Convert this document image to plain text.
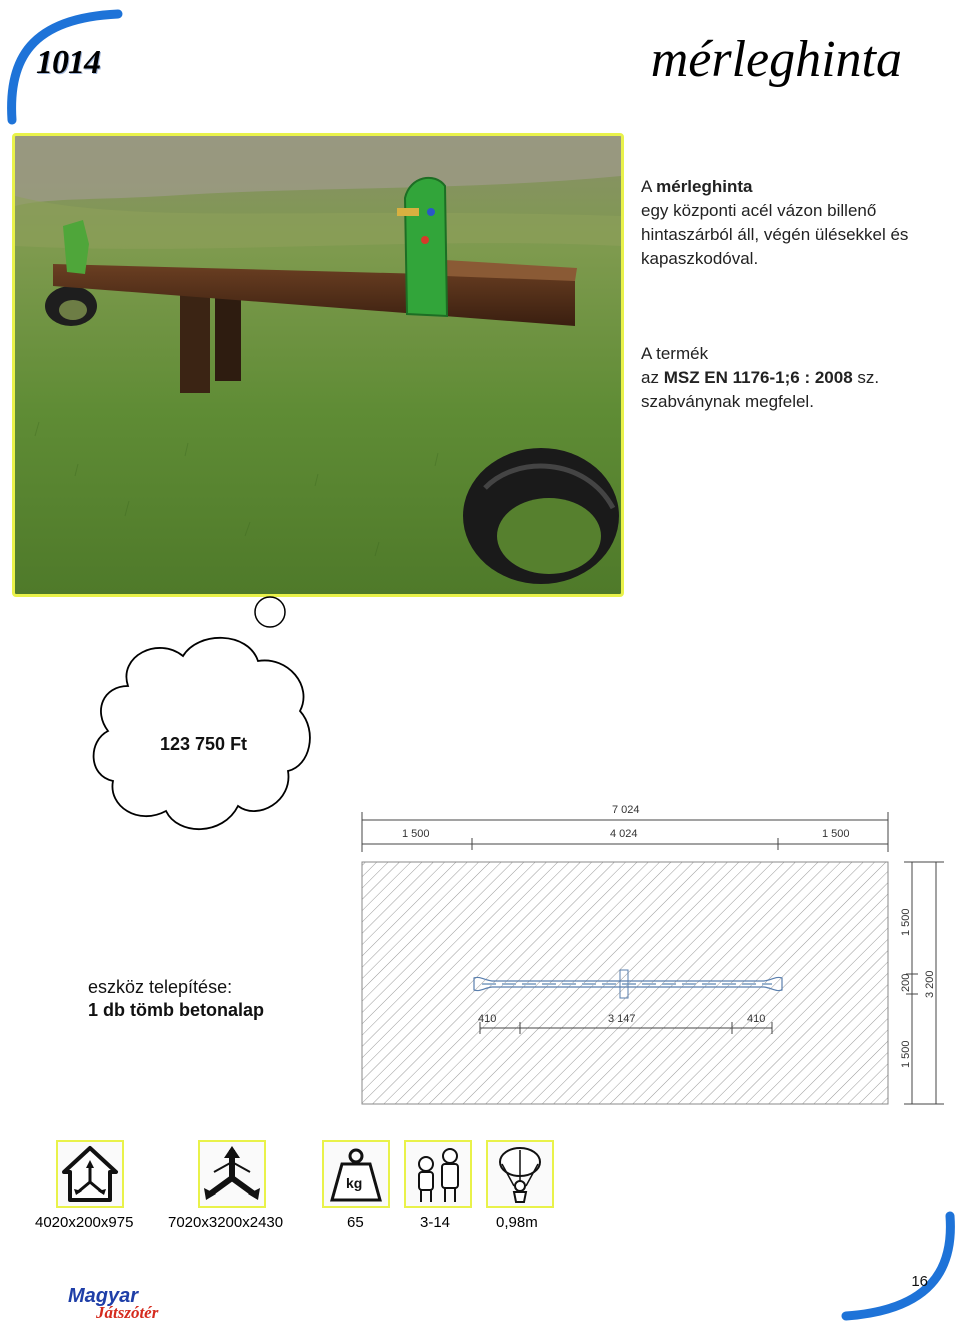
1014	mérleghinta

A mérleghinta

egy központi acél vázon billenő hintaszárból áll, végén ülésekkel és kapaszkodóval.

A termék

az MSZ EN 1176-1;6 : 2008 sz.

szabványnak megfelel.

123 750 Ft
eszköz telepítése:
1 db tömb betonalap
7 024
1 500	4 024	1 500
410	3 147	410
1 500
200
1 500
3 200
kg
4020x200x975 7020x3200x2430	65	3-14	0,98m
Magyar
Játszótér
16
